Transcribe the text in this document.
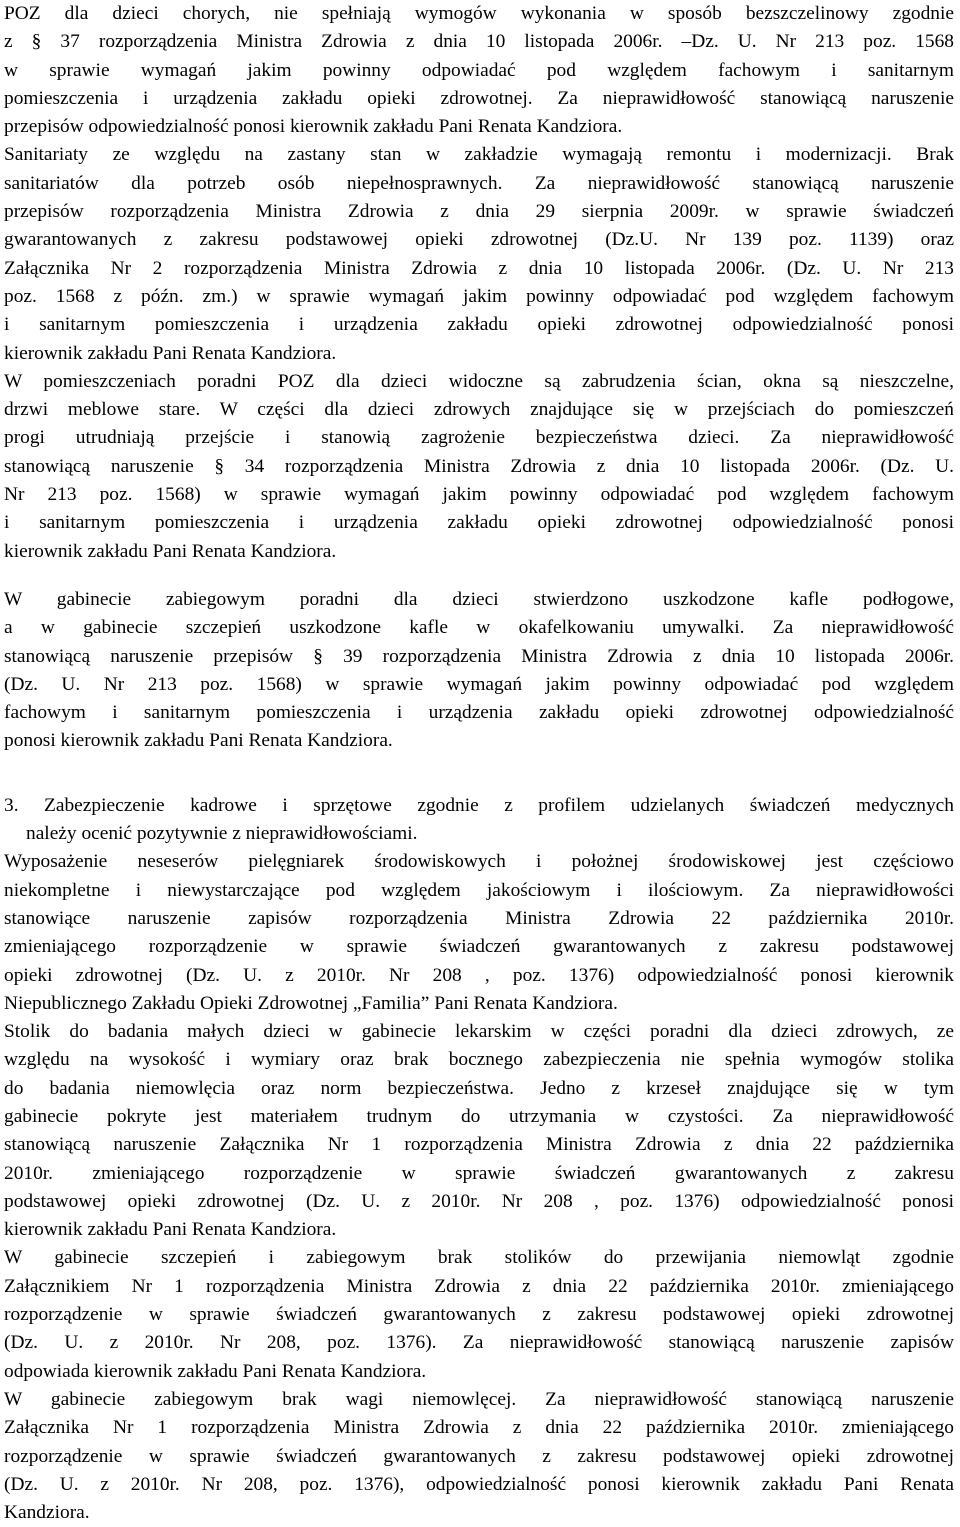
POZ dla dzieci chorych, nie spełniają wymogów wykonania w sposób bezszczelinowy zgodnie
z § 37 rozporządzenia Ministra Zdrowia z dnia 10 listopada 2006r. –Dz. U. Nr 213 poz. 1568
w sprawie wymagań jakim powinny odpowiadać pod względem fachowym i sanitarnym
pomieszczenia i urządzenia zakładu opieki zdrowotnej. Za nieprawidłowość stanowiącą naruszenie
przepisów odpowiedzialność ponosi kierownik zakładu Pani Renata Kandziora.
Sanitariaty ze względu na zastany stan w zakładzie wymagają remontu i modernizacji. Brak
sanitariatów dla potrzeb osób niepełnosprawnych. Za nieprawidłowość stanowiącą naruszenie
przepisów rozporządzenia Ministra Zdrowia z dnia 29 sierpnia 2009r. w sprawie świadczeń
gwarantowanych z zakresu podstawowej opieki zdrowotnej (Dz.U. Nr 139 poz. 1139) oraz
Załącznika Nr 2 rozporządzenia Ministra Zdrowia z dnia 10 listopada 2006r. (Dz. U. Nr 213
poz. 1568 z późn. zm.) w sprawie wymagań jakim powinny odpowiadać pod względem fachowym
i sanitarnym pomieszczenia i urządzenia zakładu opieki zdrowotnej odpowiedzialność ponosi
kierownik zakładu Pani Renata Kandziora.
W pomieszczeniach poradni POZ dla dzieci widoczne są zabrudzenia ścian, okna są nieszczelne,
drzwi meblowe stare. W części dla dzieci zdrowych znajdujące się w przejściach do pomieszczeń
progi utrudniają przejście i stanowią zagrożenie bezpieczeństwa dzieci. Za nieprawidłowość
stanowiącą naruszenie § 34 rozporządzenia Ministra Zdrowia z dnia 10 listopada 2006r. (Dz. U.
Nr 213 poz. 1568) w sprawie wymagań jakim powinny odpowiadać pod względem fachowym
i sanitarnym pomieszczenia i urządzenia zakładu opieki zdrowotnej odpowiedzialność ponosi
kierownik zakładu Pani Renata Kandziora.
W gabinecie zabiegowym poradni dla dzieci stwierdzono uszkodzone kafle podłogowe,
a w gabinecie szczepień uszkodzone kafle w okafelkowaniu umywalki. Za nieprawidłowość
stanowiącą naruszenie przepisów § 39 rozporządzenia Ministra Zdrowia z dnia 10 listopada 2006r.
(Dz. U. Nr 213 poz. 1568) w sprawie wymagań jakim powinny odpowiadać pod względem
fachowym i sanitarnym pomieszczenia i urządzenia zakładu opieki zdrowotnej odpowiedzialność
ponosi kierownik zakładu Pani Renata Kandziora.
3. Zabezpieczenie kadrowe i sprzętowe zgodnie z profilem udzielanych świadczeń medycznych
należy ocenić pozytywnie z nieprawidłowościami.
Wyposażenie neseserów pielęgniarek środowiskowych i położnej środowiskowej jest częściowo
niekompletne i niewystarczające pod względem jakościowym i ilościowym. Za nieprawidłowości
stanowiące naruszenie zapisów rozporządzenia Ministra Zdrowia 22 października 2010r.
zmieniającego rozporządzenie w sprawie świadczeń gwarantowanych z zakresu podstawowej
opieki zdrowotnej (Dz. U. z 2010r. Nr 208 , poz. 1376) odpowiedzialność ponosi kierownik
Niepublicznego Zakładu Opieki Zdrowotnej „Familia” Pani Renata Kandziora.
Stolik do badania małych dzieci w gabinecie lekarskim w części poradni dla dzieci zdrowych, ze
względu na wysokość i wymiary oraz brak bocznego zabezpieczenia nie spełnia wymogów stolika
do badania niemowlęcia oraz norm bezpieczeństwa. Jedno z krzeseł znajdujące się w tym
gabinecie pokryte jest materiałem trudnym do utrzymania w czystości. Za nieprawidłowość
stanowiącą naruszenie Załącznika Nr 1 rozporządzenia Ministra Zdrowia z dnia 22 października
2010r. zmieniającego rozporządzenie w sprawie świadczeń gwarantowanych z zakresu
podstawowej opieki zdrowotnej (Dz. U. z 2010r. Nr 208 , poz. 1376) odpowiedzialność ponosi
kierownik zakładu Pani Renata Kandziora.
W gabinecie szczepień i zabiegowym brak stolików do przewijania niemowląt zgodnie
Załącznikiem Nr 1 rozporządzenia Ministra Zdrowia z dnia 22 października 2010r. zmieniającego
rozporządzenie w sprawie świadczeń gwarantowanych z zakresu podstawowej opieki zdrowotnej
(Dz. U. z 2010r. Nr 208, poz. 1376). Za nieprawidłowość stanowiącą naruszenie zapisów
odpowiada kierownik zakładu Pani Renata Kandziora.
W gabinecie zabiegowym brak wagi niemowlęcej. Za nieprawidłowość stanowiącą naruszenie
Załącznika Nr 1 rozporządzenia Ministra Zdrowia z dnia 22 października 2010r. zmieniającego
rozporządzenie w sprawie świadczeń gwarantowanych z zakresu podstawowej opieki zdrowotnej
(Dz. U. z 2010r. Nr 208, poz. 1376), odpowiedzialność ponosi kierownik zakładu Pani Renata
Kandziora.
